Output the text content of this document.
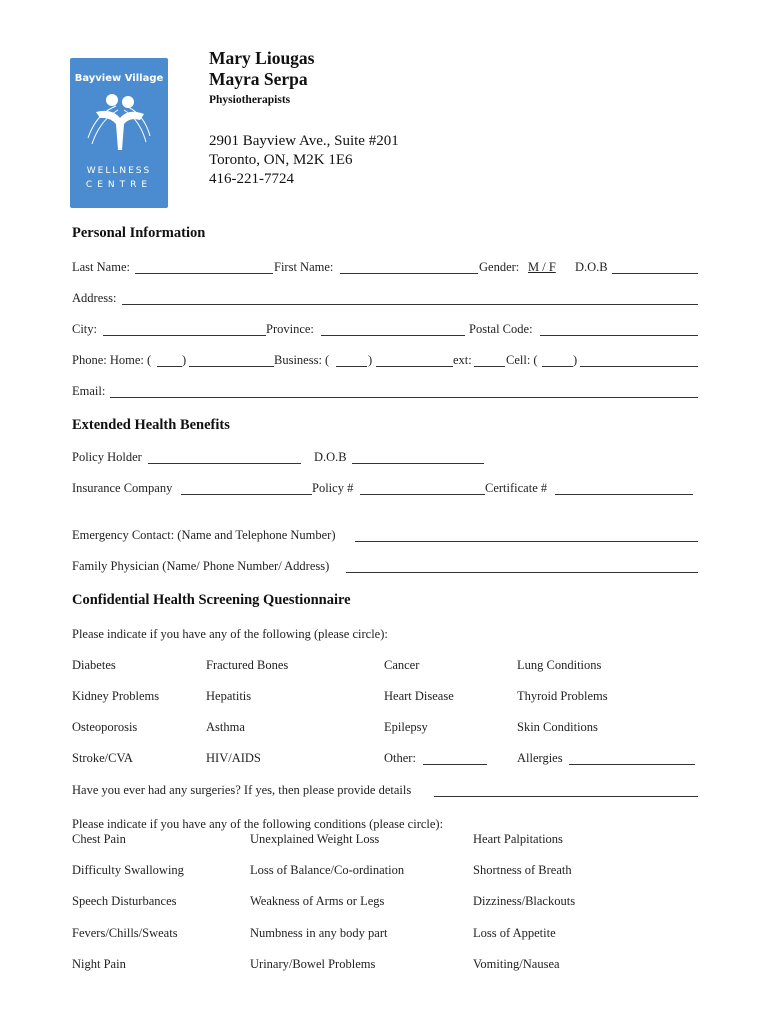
Bayview Village
WELLNESS
CENTRE
Mary Liougas
Mayra Serpa
Physiotherapists
2901 Bayview Ave., Suite #201
Toronto, ON, M2K 1E6
416-221-7724
Personal Information
Last Name:	First Name:	Gender: M / F D.O.B
Address:
City:	Province:	Postal Code:
Phone: Home: ( )	Business: (	)	ext:	Cell: (	)
Email:
Extended Health Benefits
Policy Holder	D.O.B
Insurance Company	Policy #	Certificate #
Emergency Contact: (Name and Telephone Number)
Family Physician (Name/ Phone Number/ Address)
Confidential Health Screening Questionnaire
Please indicate if you have any of the following (please circle):
Diabetes	Fractured Bones	Cancer	Lung Conditions
Kidney Problems	Hepatitis	Heart Disease	Thyroid Problems
Osteoporosis	Asthma	Epilepsy	Skin Conditions
Stroke/CVA	HIV/AIDS	Other:	Allergies
Have you ever had any surgeries? If yes, then please provide details
Please indicate if you have any of the following conditions (please circle):
Chest Pain	Unexplained Weight Loss	Heart Palpitations
Difficulty Swallowing	Loss of Balance/Co-ordination	Shortness of Breath
Speech Disturbances	Weakness of Arms or Legs	Dizziness/Blackouts
Fevers/Chills/Sweats	Numbness in any body part	Loss of Appetite
Night Pain	Urinary/Bowel Problems	Vomiting/Nausea
